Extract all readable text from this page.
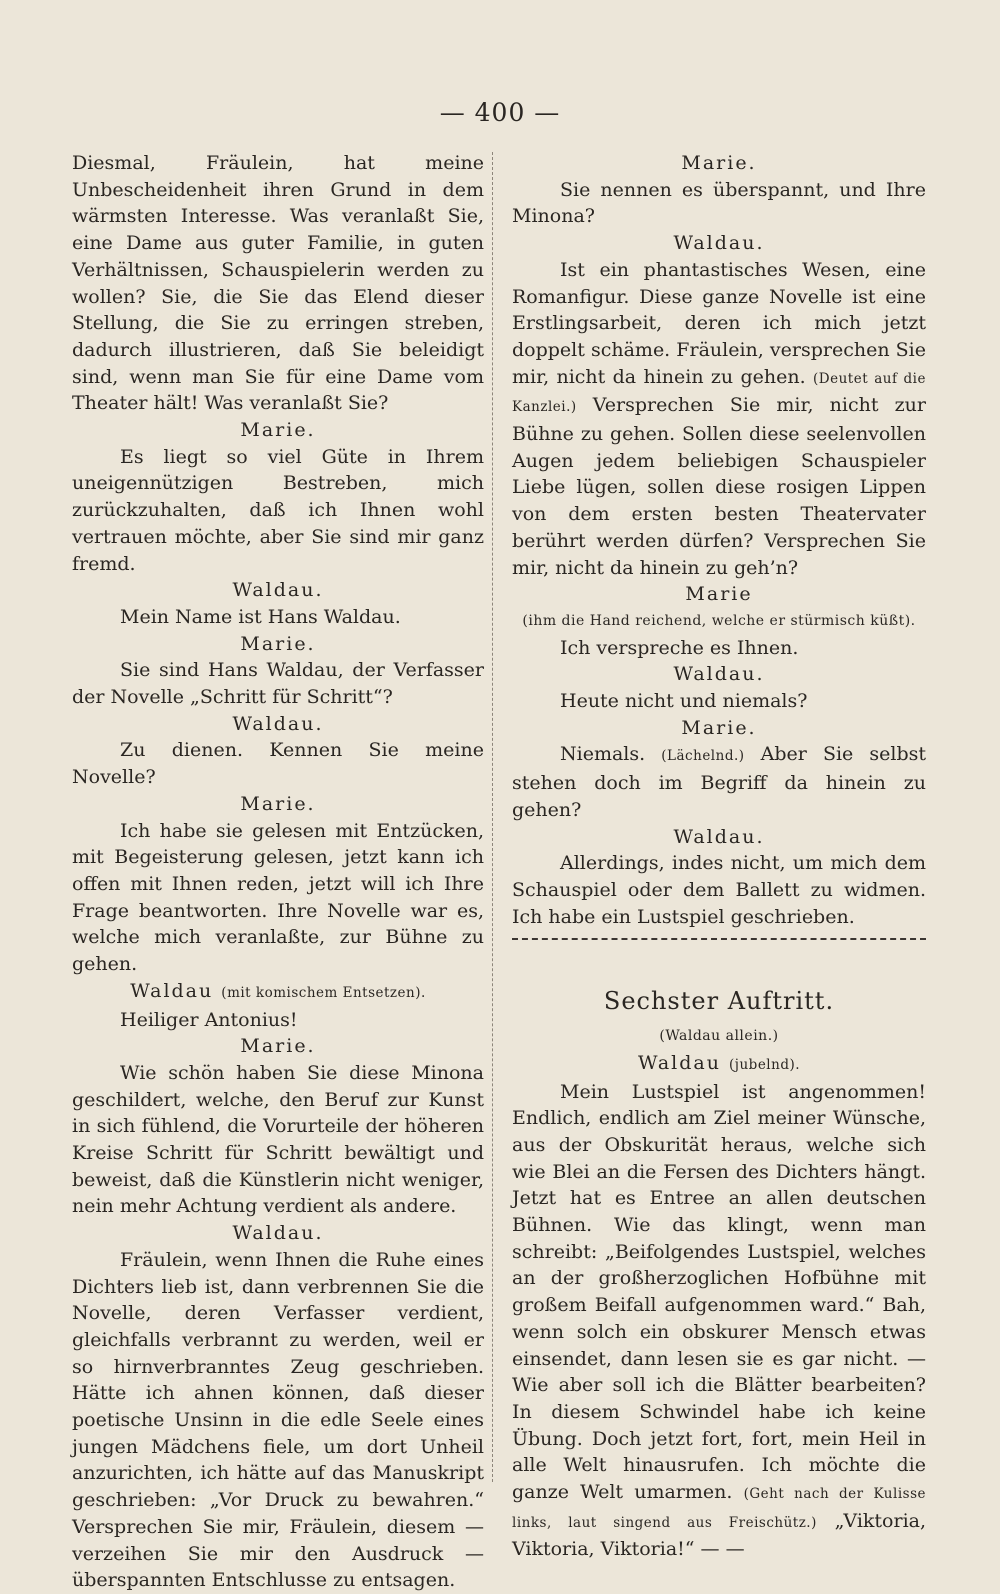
— 400 —

Diesmal, Fräulein, hat meine Unbescheidenheit ihren Grund in dem wärmsten Interesse. Was veranlaßt Sie, eine Dame aus guter Familie, in guten Verhältnissen, Schauspielerin werden zu wollen? Sie, die Sie das Elend dieser Stellung, die Sie zu erringen streben, dadurch illustrieren, daß Sie beleidigt sind, wenn man Sie für eine Dame vom Theater hält! Was veranlaßt Sie?

Marie.

Es liegt so viel Güte in Ihrem uneigennützigen Bestreben, mich zurückzuhalten, daß ich Ihnen wohl vertrauen möchte, aber Sie sind mir ganz fremd.

Waldau.

Mein Name ist Hans Waldau.

Marie.

Sie sind Hans Waldau, der Verfasser der Novelle „Schritt für Schritt“?

Waldau.

Zu dienen. Kennen Sie meine Novelle?

Marie.

Ich habe sie gelesen mit Entzücken, mit Begeisterung gelesen, jetzt kann ich offen mit Ihnen reden, jetzt will ich Ihre Frage beantworten. Ihre Novelle war es, welche mich veranlaßte, zur Bühne zu gehen.

Waldau (mit komischem Entsetzen).

Heiliger Antonius!

Marie.

Wie schön haben Sie diese Minona geschildert, welche, den Beruf zur Kunst in sich fühlend, die Vorurteile der höheren Kreise Schritt für Schritt bewältigt und beweist, daß die Künstlerin nicht weniger, nein mehr Achtung verdient als andere.

Waldau.

Fräulein, wenn Ihnen die Ruhe eines Dichters lieb ist, dann verbrennen Sie die Novelle, deren Verfasser verdient, gleichfalls verbrannt zu werden, weil er so hirnverbranntes Zeug geschrieben. Hätte ich ahnen können, daß dieser poetische Unsinn in die edle Seele eines jungen Mädchens fiele, um dort Unheil anzurichten, ich hätte auf das Manuskript geschrieben: „Vor Druck zu bewahren.“ Versprechen Sie mir, Fräulein, diesem — verzeihen Sie mir den Ausdruck — überspannten Entschlusse zu entsagen.

Marie.

Sie nennen es überspannt, und Ihre Minona?

Waldau.

Ist ein phantastisches Wesen, eine Romanfigur. Diese ganze Novelle ist eine Erstlingsarbeit, deren ich mich jetzt doppelt schäme. Fräulein, versprechen Sie mir, nicht da hinein zu gehen. (Deutet auf die Kanzlei.) Versprechen Sie mir, nicht zur Bühne zu gehen. Sollen diese seelenvollen Augen jedem beliebigen Schauspieler Liebe lügen, sollen diese rosigen Lippen von dem ersten besten Theatervater berührt werden dürfen? Versprechen Sie mir, nicht da hinein zu geh’n?

Marie

(ihm die Hand reichend, welche er stürmisch küßt).

Ich verspreche es Ihnen.

Waldau.

Heute nicht und niemals?

Marie.

Niemals. (Lächelnd.) Aber Sie selbst stehen doch im Begriff da hinein zu gehen?

Waldau.

Allerdings, indes nicht, um mich dem Schauspiel oder dem Ballett zu widmen. Ich habe ein Lustspiel geschrieben.

Sechster Auftritt.

(Waldau allein.)

Waldau (jubelnd).

Mein Lustspiel ist angenommen! Endlich, endlich am Ziel meiner Wünsche, aus der Obskurität heraus, welche sich wie Blei an die Fersen des Dichters hängt. Jetzt hat es Entree an allen deutschen Bühnen. Wie das klingt, wenn man schreibt: „Beifolgendes Lustspiel, welches an der großherzoglichen Hofbühne mit großem Beifall aufgenommen ward.“ Bah, wenn solch ein obskurer Mensch etwas einsendet, dann lesen sie es gar nicht. — Wie aber soll ich die Blätter bearbeiten? In diesem Schwindel habe ich keine Übung. Doch jetzt fort, fort, mein Heil in alle Welt hinausrufen. Ich möchte die ganze Welt umarmen. (Geht nach der Kulisse links, laut singend aus Freischütz.) „Viktoria, Viktoria, Viktoria!“ — —
